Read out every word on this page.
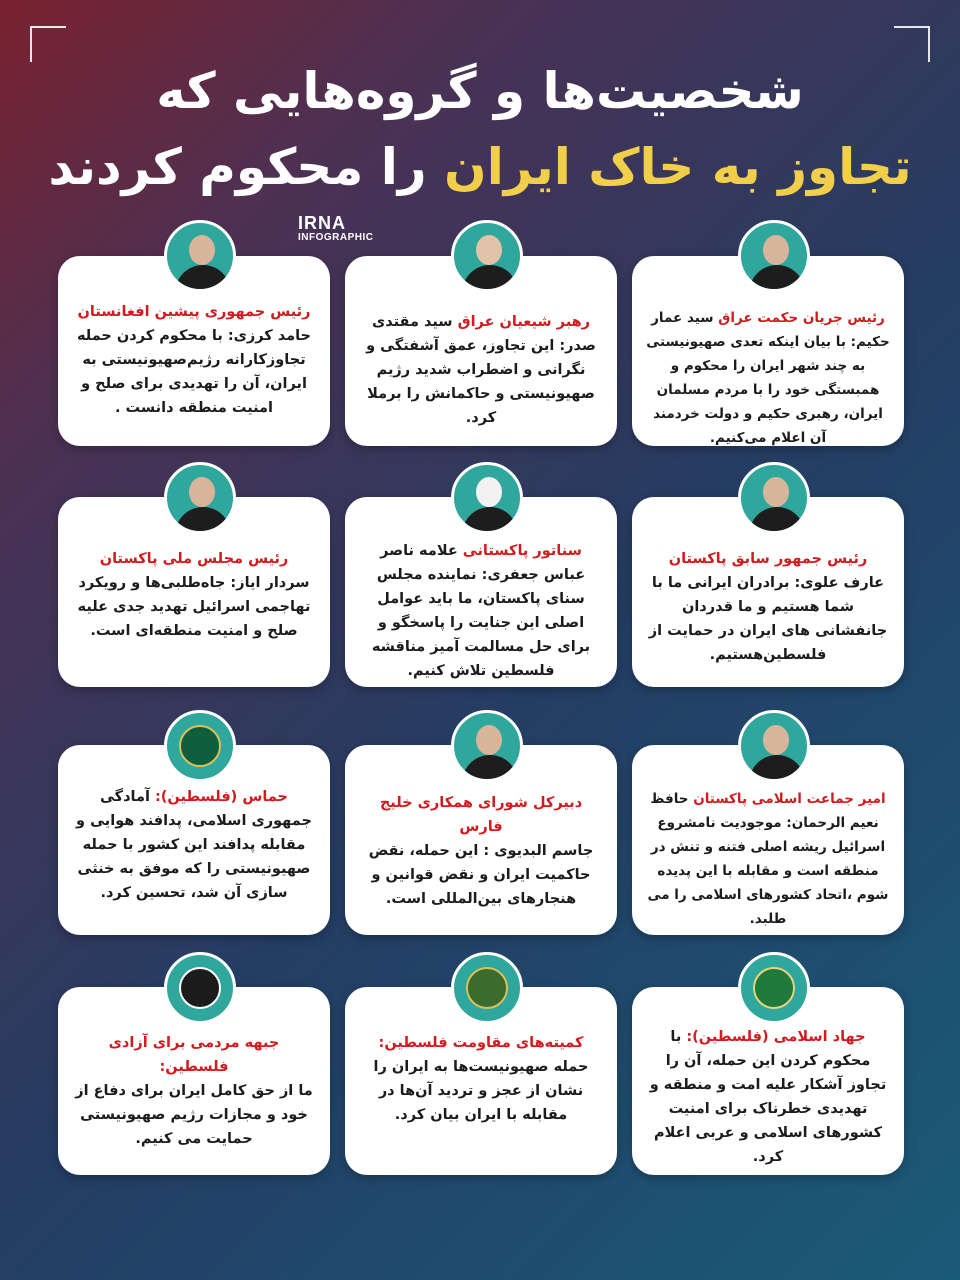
شخصیت‌ها و گروه‌هایی که
تجاوز به خاک ایران را محکوم کردند
IRNA
INFOGRAPHIC
رئیس جمهوری پیشین افغانستان
حامد کرزی: با محکوم کردن حمله تجاوزکارانه رژیم‌صهیونیستی به ایران، آن را تهدیدی برای صلح و امنیت منطقه دانست .
رهبر شیعیان عراق سید مقتدی صدر: این تجاوز، عمق آشفتگی و نگرانی و اضطراب شدید رژیم صهیونیستی و حاکمانش را برملا کرد.
رئیس جریان حکمت عراق سید عمار حکیم: با بیان اینکه تعدی صهیونیستی به چند شهر ایران را محکوم و همبستگی خود را با مردم مسلمان ایران، رهبری حکیم و دولت خردمند آن اعلام می‌کنیم.
رئیس مجلس ملی پاکستان
سردار ایاز: جاه‌طلبی‌ها و رویکرد تهاجمی اسرائیل تهدید جدی علیه صلح و امنیت منطقه‌ای است.
سناتور پاکستانی علامه ناصر عباس جعفری: نماینده مجلس سنای پاکستان، ما باید عوامل اصلی این جنایت را پاسخگو و برای حل مسالمت آمیز مناقشه فلسطین تلاش کنیم.
رئیس جمهور سابق پاکستان
عارف علوی: برادران ایرانی ما با شما هستیم و ما قدردان جانفشانی های ایران در حمایت از فلسطین‌هستیم.
حماس (فلسطین): آمادگی جمهوری اسلامی، پدافند هوایی و مقابله پدافند این کشور با حمله صهیونیستی را که موفق به خنثی سازی آن شد، تحسین کرد.
دبیرکل شورای همکاری خلیج فارس
جاسم البدیوی : این حمله، نقض حاکمیت ایران و نقض قوانین و هنجارهای بین‌المللی است.
امیر جماعت اسلامی پاکستان حافظ نعیم الرحمان: موجودیت نامشروع اسرائیل ریشه اصلی فتنه و تنش در منطقه است و مقابله با این پدیده شوم ،اتحاد کشورهای اسلامی را می طلبد.
جبهه مردمی برای آزادی فلسطین:
ما از حق کامل ایران برای دفاع از خود و مجازات رژیم صهیونیستی حمایت می کنیم.
کمیته‌های مقاومت فلسطین:
حمله صهیونیست‌ها به ایران را نشان از عجز و تردید آن‌ها در مقابله با ایران بیان کرد.
جهاد اسلامی (فلسطین): با محکوم کردن این حمله، آن را تجاوز آشکار علیه امت و منطقه و تهدیدی خطرناک برای امنیت کشورهای اسلامی و عربی اعلام کرد.
